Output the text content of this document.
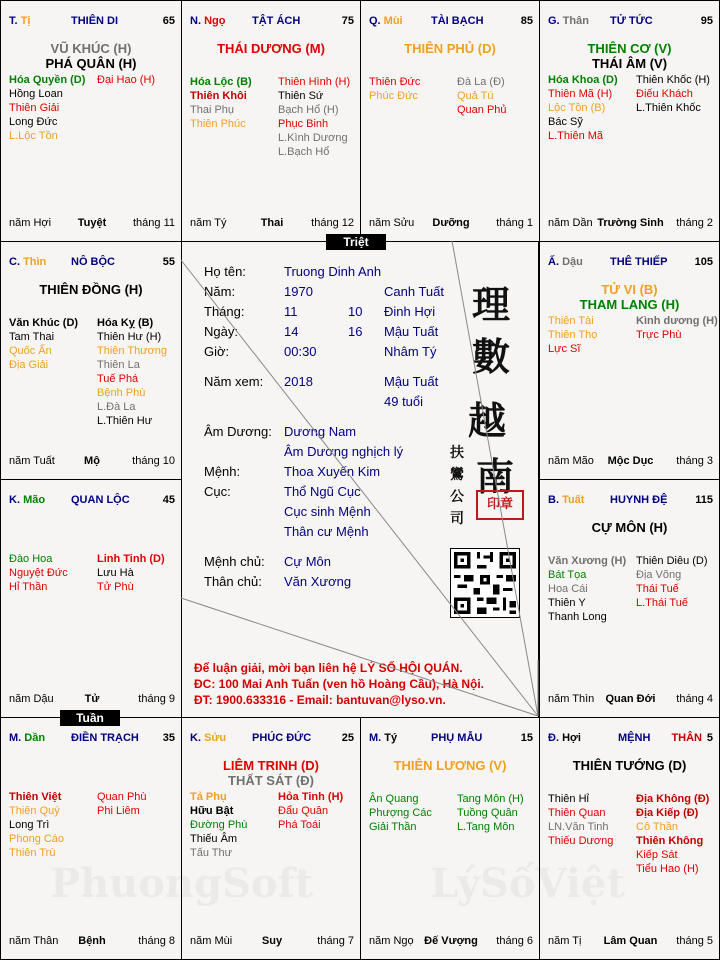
T. Tị	THIÊN DI	65
VŨ KHÚC (H)
PHÁ QUÂN (H)
Hóa Quyền (D)
Hồng Loan
Thiên Giải
Long Đức
L.Lộc Tồn
Đại Hao (H)
năm Hợi	Tuyệt	tháng 11
N. Ngọ TẬT ÁCH	75
THÁI DƯƠNG (M)
Hóa Lộc (B)
Thiên Khôi
Thai Phụ
Thiên Phúc
Thiên Hình (H)
Thiên Sứ
Bạch Hổ (H)
Phục Binh
L.Kình Dương
L.Bạch Hổ
năm Tý	Thai	tháng 12
Q. Mùi	TÀI BẠCH	85
THIÊN PHỦ (D)
Thiên Đức
Phúc Đức
Đà La (Đ)
Quả Tú
Quan Phủ
năm Sửu	Dưỡng	tháng 1
G. Thân TỬ TỨC	95
THIÊN CƠ (V)
THÁI ÂM (V)
Hóa Khoa (D)
Thiên Mã (H)
Lộc Tồn (B)
Bác Sỹ
L.Thiên Mã
Thiên Khốc (H)
Điếu Khách
L.Thiên Khốc
năm Dần Trường Sinh	tháng 2
Ấ. Dậu THÊ THIẾP 105
TỬ VI (B)
THAM LANG (H)
Thiên Tài
Thiên Thọ
Lực Sĩ
Kình dương (H)
Trực Phù
năm Mão	Mộc Dục	tháng 3
B. Tuất HUYNH ĐỆ	115
CỰ MÔN (H)
Văn Xương (H)
Bát Tọa
Hoa Cái
Thiên Y
Thanh Long
Thiên Diêu (D)
Địa Võng
Thái Tuế
L.Thái Tuế
năm Thìn	Quan Đới	tháng 4
Đ. Hợi	MỆNH THÂN 5
THIÊN TƯỚNG (D)
Thiên Hỉ
Thiên Quan
LN.Văn Tinh
Thiếu Dương
Địa Không (Đ)
Địa Kiếp (Đ)
Cô Thần
Thiên Không
Kiếp Sát
Tiểu Hao (H)
năm Tị	Lâm Quan	tháng 5
M. Tý	PHỤ MẪU	15
THIÊN LƯƠNG (V)
Ân Quang
Phượng Các
Giải Thần
Tang Môn (H)
Tuồng Quân
L.Tang Môn
năm Ngọ Đế Vượng	tháng 6
K. Sửu PHÚC ĐỨC	25
LIÊM TRINH (D)
THẤT SÁT (Đ)
Tả Phụ
Hữu Bật
Đường Phù
Thiếu Âm
Tấu Thư
Hỏa Tinh (H)
Đẩu Quân
Phá Toái
năm Mùi	Suy	tháng 7
M. Dần ĐIỀN TRẠCH 35
Thiên Việt
Thiên Quý
Long Trì
Phong Cáo
Thiên Trù
Quan Phù
Phi Liêm
năm Thân	Bệnh	tháng 8
K. Mão QUAN LỘC	45
Đào Hoa
Nguyệt Đức
Hỉ Thần
Linh Tinh (D)
Lưu Hà
Tử Phù
năm Dậu	Tử	tháng 9
C. Thìn NÔ BỘC	55
THIÊN ĐỒNG (H)
Văn Khúc (D)
Tam Thai
Quốc Ấn
Địa Giải
Hóa Kỵ (B)
Thiên Hư (H)
Thiên Thương
Thiên La
Tuế Phá
Bệnh Phù
L.Đà La
L.Thiên Hư
năm Tuất	Mộ	tháng 10
Họ tên:	Truong Dinh Anh
Năm:	1970	Canh Tuất
Tháng:	11	10 Đinh Hợi
Ngày:	14	16 Mậu Tuất
Giờ:	00:30	Nhâm Tý
Năm xem: 2018	Mậu Tuất
49 tuổi
Âm Dương: Dương Nam
Âm Dương nghịch lý
Mệnh:	Thoa Xuyến Kim
Cục:	Thổ Ngũ Cục
Cục sinh Mệnh
Thân cư Mệnh
Mệnh chủ: Cự Môn
Thân chủ: Văn Xương
理
數
越
南
扶
鸞
公
司
Để luận giải, mời bạn liên hệ LÝ SỐ HỘI QUÁN.
ĐC: 100 Mai Anh Tuấn (ven hồ Hoàng Cầu), Hà Nội.
ĐT: 1900.633316 - Email: bantuvan@lyso.vn.
印章
Triệt
Tuần
